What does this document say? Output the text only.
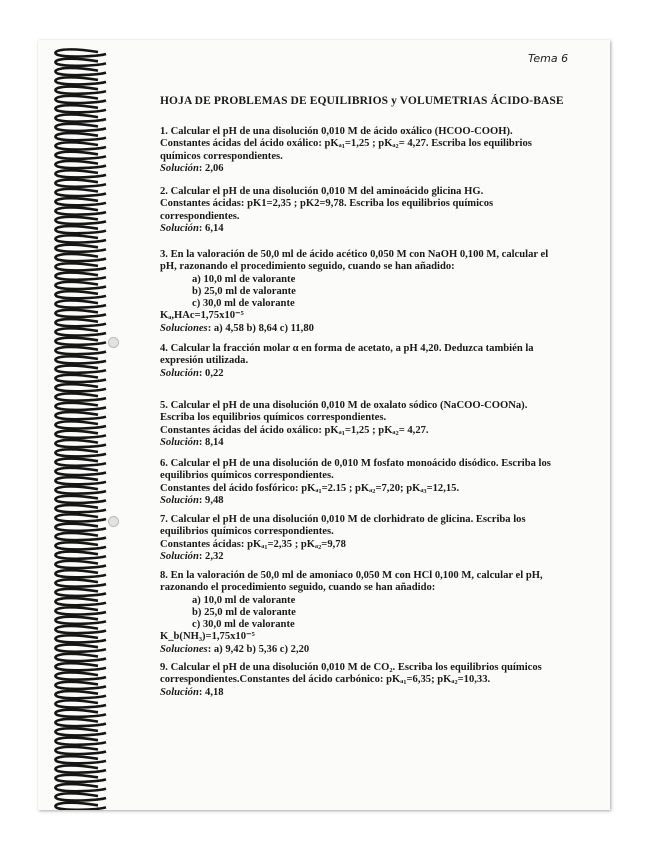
Tema 6
HOJA DE PROBLEMAS DE EQUILIBRIOS y VOLUMETRIAS ÁCIDO-BASE
1. Calcular el pH de una disolución 0,010 M de ácido oxálico (HCOO-COOH).
Constantes ácidas del ácido oxálico: pKₐ₁=1,25 ; pKₐ₂= 4,27. Escriba los equilibrios
químicos correspondientes.
Solución: 2,06
2. Calcular el pH de una disolución 0,010 M del aminoácido glicina HG.
Constantes ácidas: pK1=2,35 ; pK2=9,78. Escriba los equilibrios químicos
correspondientes.
Solución: 6,14
3. En la valoración de 50,0 ml de ácido acético 0,050 M con NaOH 0,100 M, calcular el
pH, razonando el procedimiento seguido, cuando se han añadido:
a) 10,0 ml de valorante
b) 25,0 ml de valorante
c) 30,0 ml de valorante
Kₐ,HAc=1,75x10⁻⁵
Soluciones: a) 4,58 b) 8,64 c) 11,80
4. Calcular la fracción molar α en forma de acetato, a pH 4,20. Deduzca también la
expresión utilizada.
Solución: 0,22
5. Calcular el pH de una disolución 0,010 M de oxalato sódico (NaCOO-COONa).
Escriba los equilibrios químicos correspondientes.
Constantes ácidas del ácido oxálico: pKₐ₁=1,25 ; pKₐ₂= 4,27.
Solución: 8,14
6. Calcular el pH de una disolución de 0,010 M fosfato monoácido disódico. Escriba los
equilibrios químicos correspondientes.
Constantes del ácido fosfórico: pKₐ₁=2.15 ; pKₐ₂=7,20; pKₐ₃=12,15.
Solución: 9,48
7. Calcular el pH de una disolución 0,010 M de clorhidrato de glicina. Escriba los
equilibrios químicos correspondientes.
Constantes ácidas: pKₐ₁=2,35 ; pKₐ₂=9,78
Solución: 2,32
8. En la valoración de 50,0 ml de amoniaco 0,050 M con HCl 0,100 M, calcular el pH,
razonando el procedimiento seguido, cuando se han añadido:
a) 10,0 ml de valorante
b) 25,0 ml de valorante
c) 30,0 ml de valorante
K_b(NH₃)=1,75x10⁻⁵
Soluciones: a) 9,42 b) 5,36 c) 2,20
9. Calcular el pH de una disolución 0,010 M de CO₂. Escriba los equilibrios químicos
correspondientes.Constantes del ácido carbónico: pKₐ₁=6,35; pKₐ₂=10,33.
Solución: 4,18
